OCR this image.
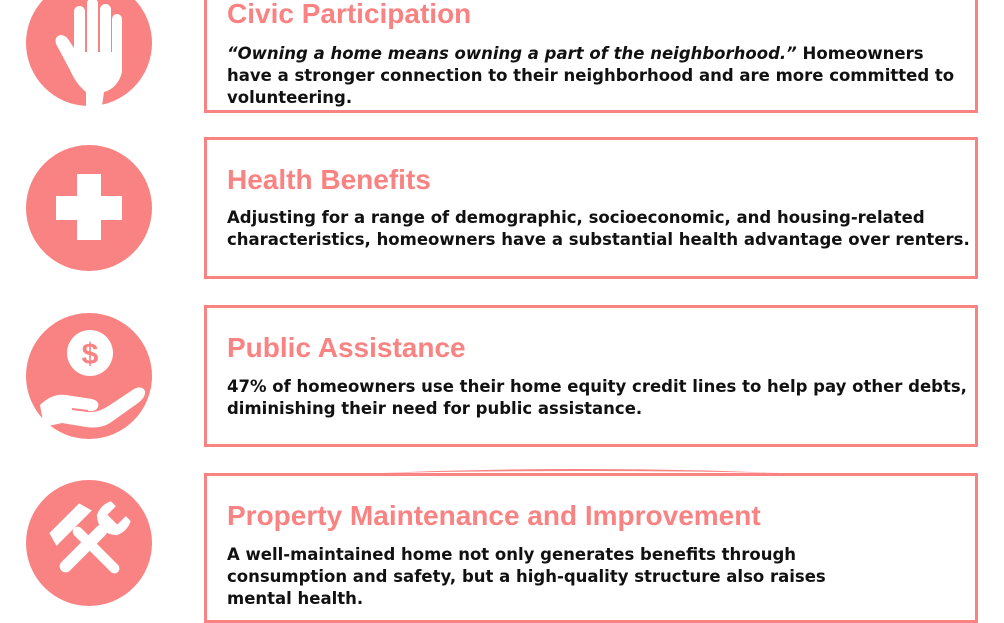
Civic Participation

“Owning a home means owning a part of the neighborhood.” Homeowners have a stronger connection to their neighborhood and are more committed to volunteering.

Health Benefits

Adjusting for a range of demographic, socioeconomic, and housing-related characteristics, homeowners have a substantial health advantage over renters.

$	Public Assistance

47% of homeowners use their home equity credit lines to help pay other debts, diminishing their need for public assistance.

Property Maintenance and Improvement

A well-maintained home not only generates benefits through consumption and safety, but a high-quality structure also raises mental health.
